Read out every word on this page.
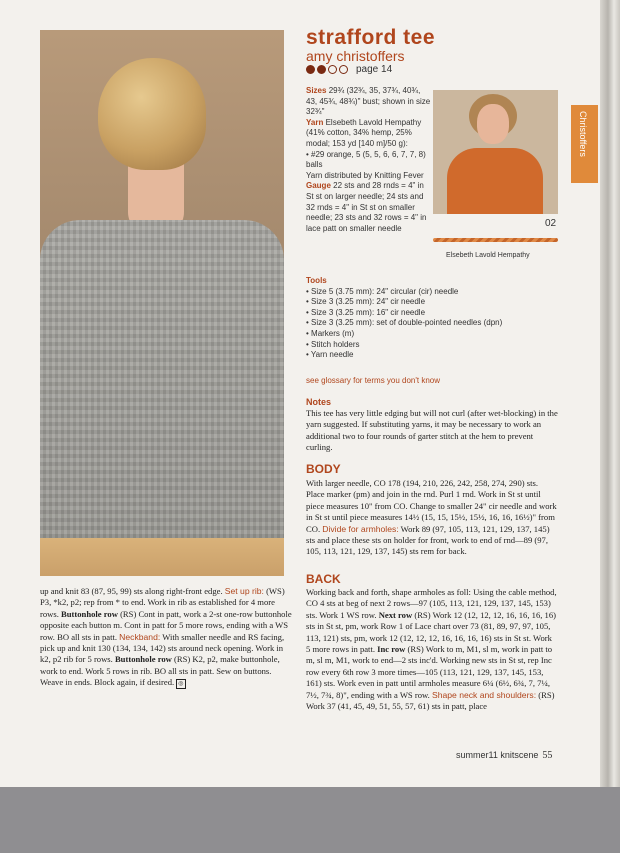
strafford tee
amy christoffers
page 14

Sizes 29¾ (32¾, 35, 37¾, 40¾, 43, 45¾, 48¾)" bust; shown in size 32¾"

Yarn Elsebeth Lavold Hempathy (41% cotton, 34% hemp, 25% modal; 153 yd [140 m]/50 g):

• #29 orange, 5 (5, 5, 6, 6, 7, 7, 8) balls

Yarn distributed by Knitting Fever

Gauge 22 sts and 28 rnds = 4" in St st on larger needle; 24 sts and 32 rnds = 4" in St st on smaller needle; 23 sts and 32 rows = 4" in lace patt on smaller needle	02
Elsebeth Lavold Hempathy
Christoffers
Tools
• Size 5 (3.75 mm): 24" circular (cir) needle
• Size 3 (3.25 mm): 24" cir needle
• Size 3 (3.25 mm): 16" cir needle
• Size 3 (3.25 mm): set of double-pointed needles (dpn)
• Markers (m)
• Stitch holders
• Yarn needle
see glossary for terms you don't know
Notes

This tee has very little edging but will not curl (after wet-blocking) in the yarn suggested. If substituting yarns, it may be necessary to work an additional two to four rounds of garter stitch at the hem to prevent curling.

BODY

With larger needle, CO 178 (194, 210, 226, 242, 258, 274, 290) sts. Place marker (pm) and join in the rnd. Purl 1 rnd. Work in St st until piece measures 10" from CO. Change to smaller 24" cir needle and work in St st until piece measures 14½ (15, 15, 15½, 15½, 16, 16, 16½)" from CO. Divide for armholes: Work 89 (97, 105, 113, 121, 129, 137, 145) sts and place these sts on holder for front, work to end of rnd—89 (97, 105, 113, 121, 129, 137, 145) sts rem for back.

BACK

Working back and forth, shape armholes as foll: Using the cable method, CO 4 sts at beg of next 2 rows—97 (105, 113, 121, 129, 137, 145, 153) sts. Work 1 WS row. Next row (RS) Work 12 (12, 12, 12, 16, 16, 16, 16) sts in St st, pm, work Row 1 of Lace chart over 73 (81, 89, 97, 97, 105, 113, 121) sts, pm, work 12 (12, 12, 12, 16, 16, 16, 16) sts in St st. Work 5 more rows in patt. Inc row (RS) Work to m, M1, sl m, work in patt to m, sl m, M1, work to end—2 sts inc'd. Working new sts in St st, rep Inc row every 6th row 3 more times—105 (113, 121, 129, 137, 145, 153, 161) sts. Work even in patt until armholes measure 6¼ (6½, 6¾, 7, 7¼, 7½, 7¾, 8)", ending with a WS row. Shape neck and shoulders: (RS) Work 37 (41, 45, 49, 51, 55, 57, 61) sts in patt, place

up and knit 83 (87, 95, 99) sts along right-front edge. Set up rib: (WS) P3, *k2, p2; rep from * to end. Work in rib as established for 4 more rows. Buttonhole row (RS) Cont in patt, work a 2-st one-row buttonhole opposite each button m. Cont in patt for 5 more rows, ending with a WS row. BO all sts in patt. Neckband: With smaller needle and RS facing, pick up and knit 130 (134, 134, 142) sts around neck opening. Work in k2, p2 rib for 5 rows. Buttonhole row (RS) K2, p2, make buttonhole, work to end. Work 5 rows in rib. BO all sts in patt. Sew on buttons. Weave in ends. Block again, if desired. ◎

summer11 knitscene 55
